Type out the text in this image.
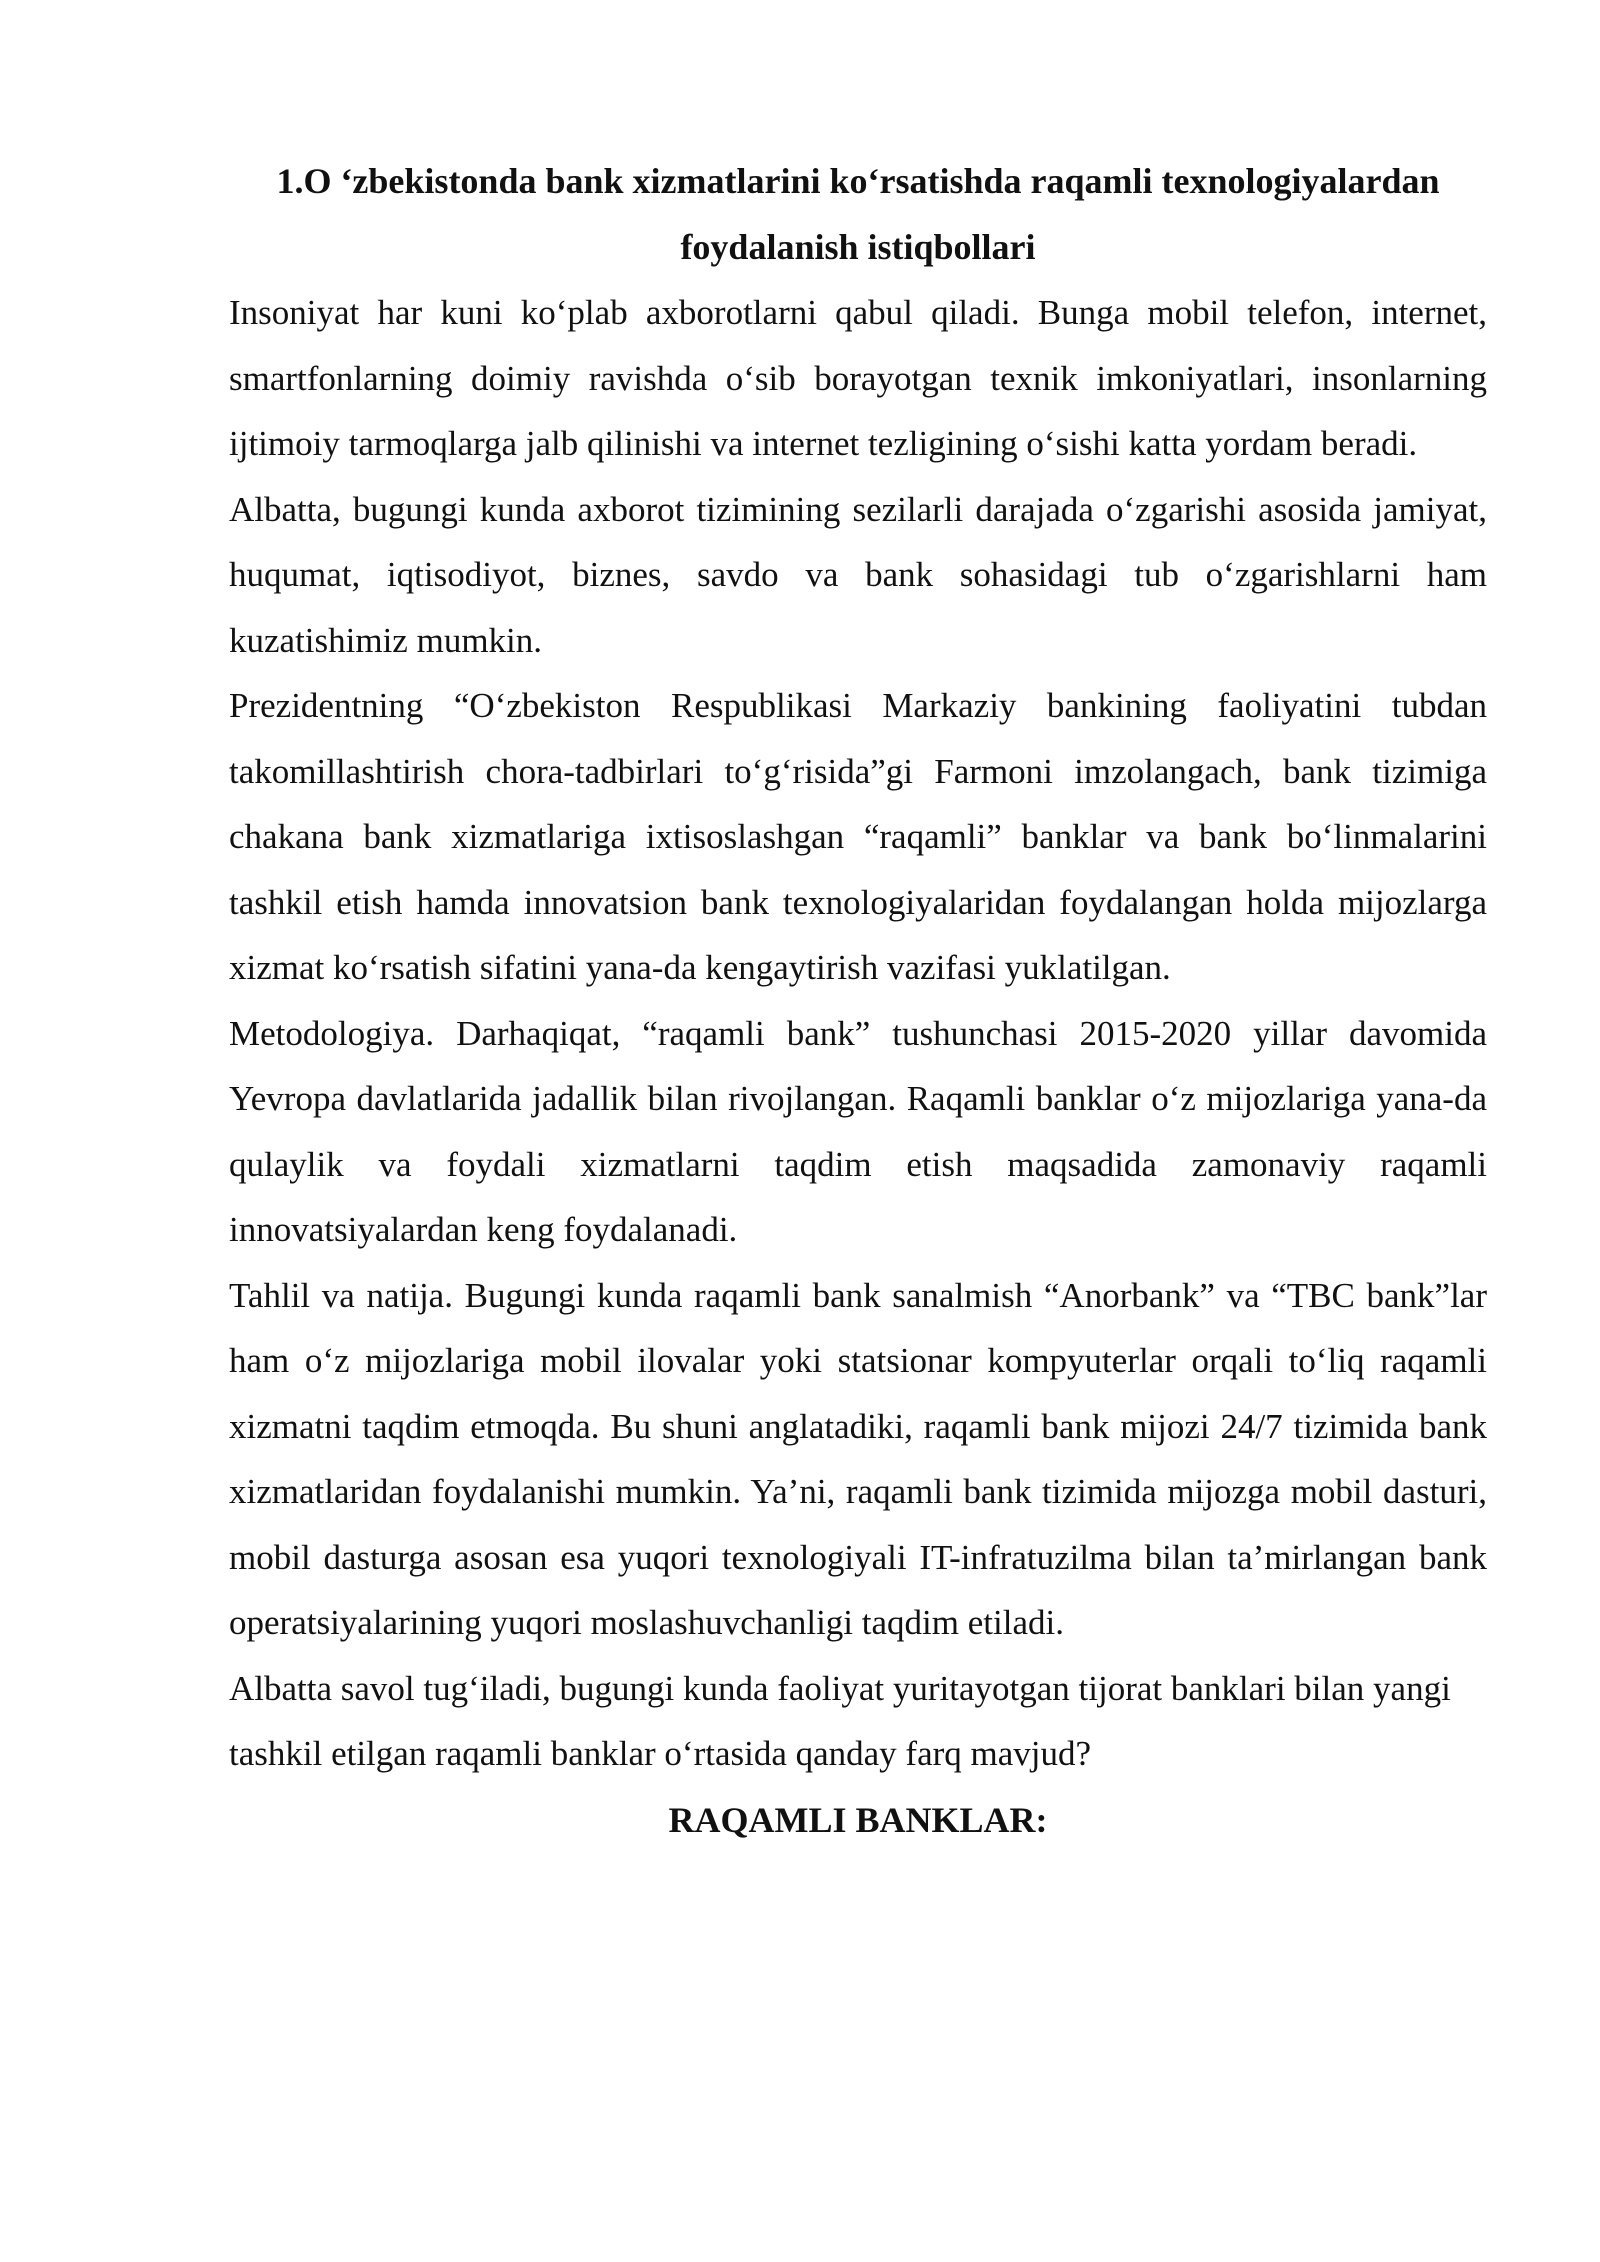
1.O ‘zbekistonda bank xizmatlarini ko‘rsatishda raqamli texnologiyalardan foydalanish istiqbollari

Insoniyat har kuni ko‘plab axborotlarni qabul qiladi. Bunga mobil telefon, internet, smartfonlarning doimiy ravishda o‘sib borayotgan texnik imkoniyatlari, insonlarning ijtimoiy tarmoqlarga jalb qilinishi va internet tezligining o‘sishi katta yordam beradi.

Albatta, bugungi kunda axborot tizimining sezilarli darajada o‘zgarishi asosida jamiyat, huqumat, iqtisodiyot, biznes, savdo va bank sohasidagi tub o‘zgarishlarni ham kuzatishimiz mumkin.

Prezidentning “O‘zbekiston Respublikasi Markaziy bankining faoliyatini tubdan takomillashtirish chora-tadbirlari to‘g‘risida”gi Farmoni imzolangach, bank tizimiga chakana bank xizmatlariga ixtisoslashgan “raqamli” banklar va bank bo‘linmalarini tashkil etish hamda innovatsion bank texnologiyalaridan foydalangan holda mijozlarga xizmat ko‘rsatish sifatini yana-da kengaytirish vazifasi yuklatilgan.

Metodologiya. Darhaqiqat, “raqamli bank” tushunchasi 2015-2020 yillar davomida Yevropa davlatlarida jadallik bilan rivojlangan. Raqamli banklar o‘z mijozlariga yana-da qulaylik va foydali xizmatlarni taqdim etish maqsadida zamonaviy raqamli innovatsiyalardan keng foydalanadi.

Tahlil va natija. Bugungi kunda raqamli bank sanalmish “Anorbank” va “TBC bank”lar ham o‘z mijozlariga mobil ilovalar yoki statsionar kompyuterlar orqali to‘liq raqamli xizmatni taqdim etmoqda. Bu shuni anglatadiki, raqamli bank mijozi 24/7 tizimida bank xizmatlaridan foydalanishi mumkin. Ya’ni, raqamli bank tizimida mijozga mobil dasturi, mobil dasturga asosan esa yuqori texnologiyali IT-infratuzilma bilan ta’mirlangan bank operatsiyalarining yuqori moslashuvchanligi taqdim etiladi.

Albatta savol tug‘iladi, bugungi kunda faoliyat yuritayotgan tijorat banklari bilan yangi tashkil etilgan raqamli banklar o‘rtasida qanday farq mavjud?

RAQAMLI BANKLAR:
